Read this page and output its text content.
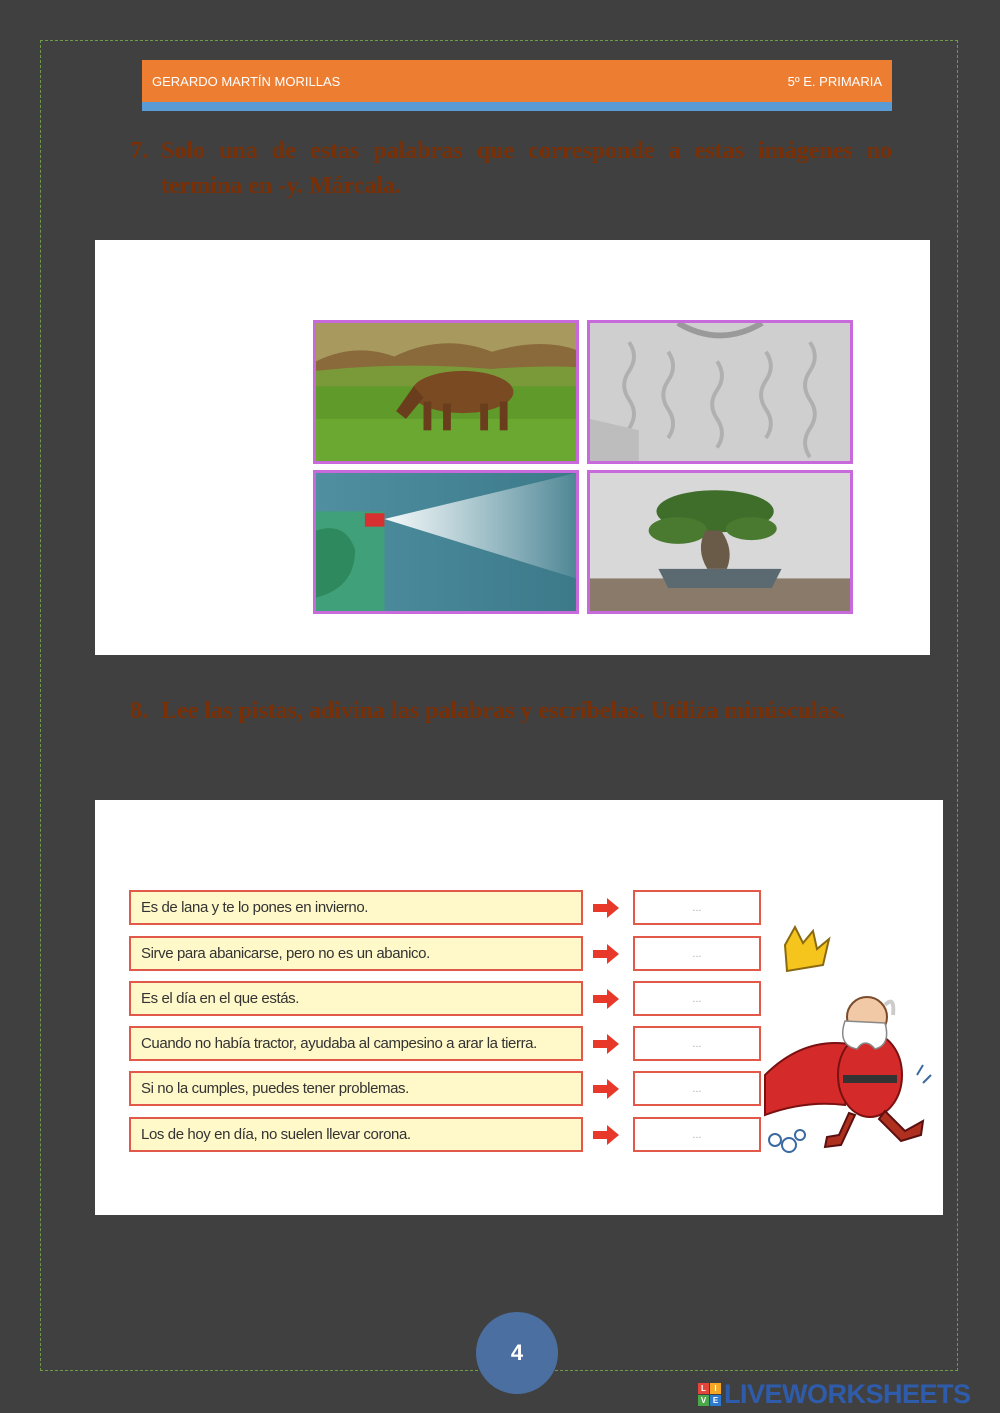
GERARDO MARTÍN MORILLAS	5º E. PRIMARIA
7. Solo una de estas palabras que corresponde a estas imágenes no termina en -y. Márcala.
8. Lee las pistas, adivina las palabras y escríbelas. Utiliza minúsculas.
Es de lana y te lo pones en invierno.	...
Sirve para abanicarse, pero no es un abanico.	...
Es el día en el que estás.	...
Cuando no había tractor, ayudaba al campesino a arar la tierra.	...
Si no la cumples, puedes tener problemas.	...
Los de hoy en día, no suelen llevar corona.	...
4
L	I
V E LIVEWORKSHEETS
